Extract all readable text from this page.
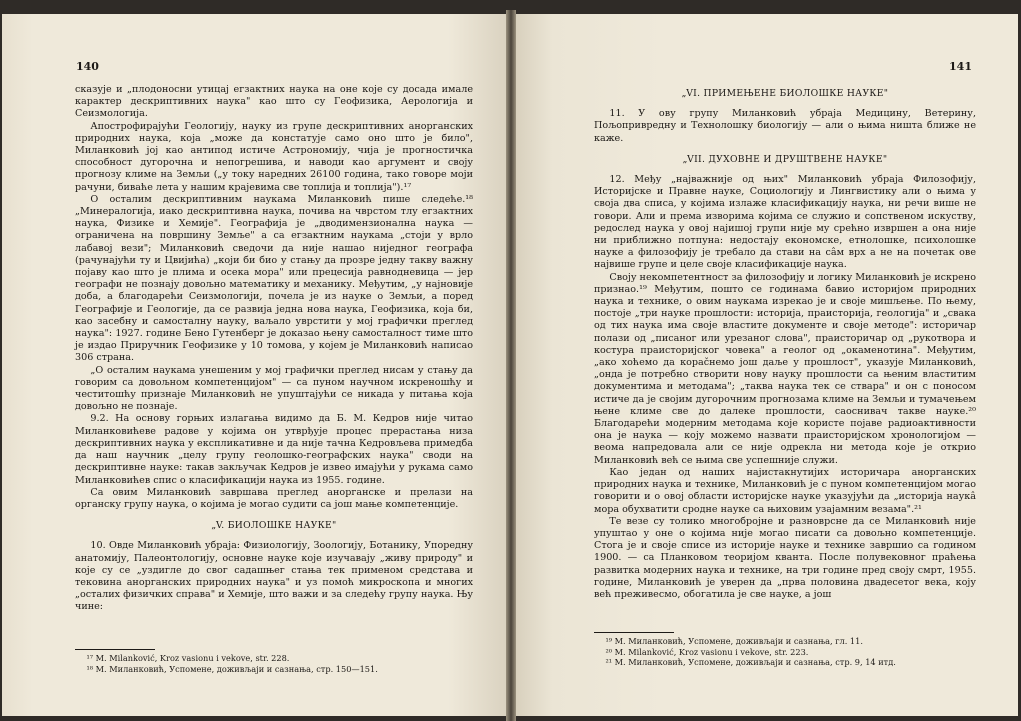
140

сказује и „плодоносни утицај егзактних наука на оне које су досада имале карактер дескриптивних наука" као што су Геофизика, Аерологија и Сеизмологија.

Апострофирајући Геологију, науку из групе дескриптивних анорганских природних наука, која „може да констатује само оно што је било", Миланковић јој као антипод истиче Астрономију, чија је прогностичка способност дугорочна и непогрешива, и наводи као аргумент и своју прогнозу климе на Земљи („у току наредних 26100 година, тако говоре моји рачуни, биваће лета у нашим крајевима све топлија и топлија").¹⁷

О осталим дескриптивним наукама Миланковић пише следеће.¹⁸ „Минералогија, иако дескриптивна наука, почива на чврстом тлу егзактних наука, Физике и Хемије". Географија је „дводимензионална наука — ограничена на површину Земље" а са егзактним наукама „стоји у врло лабавој вези"; Миланковић сведочи да није нашао ниједног географа (рачунајући ту и Цвијића) „који би био у стању да прозре једну такву важну појаву као што је плима и осека мора" или прецесија равнодневица — јер географи не познају довољно математику и механику. Међутим, „у најновије доба, а благодарећи Сеизмологији, почела је из науке о Земљи, а поред Географије и Геологије, да се развија једна нова наука, Геофизика, која би, као засебну и самосталну науку, ваљало уврстити у мој графички преглед наука": 1927. године Бено Гутенберг је доказао њену самосталност тиме што је издао Приручник Геофизике у 10 томова, у којем је Миланковић написао 306 страна.

„О осталим наукама унешеним у мој графички преглед нисам у стању да говорим са довољном компетенцијом" — са пуном научном искреношћу и честитошћу признаје Миланковић не упуштајући се никада у питања која довољно не познаје.

9.2. На основу горњих излагања видимо да Б. М. Кедров није читао Миланковићеве радове у којима он утврђује процес прерастања низа дескриптивних наука у експликативне и да није тачна Кедровљева примедба да наш научник „целу групу геолошко-географских наука" своди на дескриптивне науке: такав закључак Кедров је извео имајући у рукама само Миланковићев спис о класификацији наука из 1955. године.

Са овим Миланковић завршава преглед анорганске и прелази на органску групу наука, о којима је могао судити са још мање компетенције.

„V. БИОЛОШКЕ НАУКЕ"

10. Овде Миланковић убраја: Физиологију, Зоологију, Ботанику, Упоредну анатомију, Палеонтологију, основне науке које изучавају „живу природу" и које су се „уздигле до свог садашњег стања тек применом средстава и тековина анорганских природних наука" и уз помоћ микроскопа и многих „осталих физичких справа" и Хемије, што важи и за следећу групу наука. Њу чине:

¹⁷ M. Milanković, Kroz vasionu i vekove, str. 228.

¹⁸ М. Миланковић, Успомене, доживљаји и сазнања, стр. 150—151.

141

„VI. ПРИМЕЊЕНЕ БИОЛОШКЕ НАУКЕ"

11. У ову групу Миланковић убраја Медицину, Ветерину, Пољопривредну и Технолошку биологију — али о њима ништа ближе не каже.

„VII. ДУХОВНЕ И ДРУШТВЕНЕ НАУКЕ"

12. Међу „најважније од њих" Миланковић убраја Филозофију, Историјске и Правне науке, Социологију и Лингвистику али о њима у своја два списа, у којима излаже класификацију наука, ни речи више не говори. Али и према изворима којима се служио и сопственом искуству, редослед наука у овој најишој групи није му срећно извршен а она није ни приближно потпуна: недостају економске, етнолошке, психолошке науке а филозофију је требало да стави на сâм врх а не на почетак ове највише групе и целе своје класификације наука.

Своју некомпетентност за филозофију и логику Миланковић је искрено признао.¹⁹ Међутим, пошто се годинама бавио историјом природних наука и технике, о овим наукама изрекао је и своје мишљење. По њему, постоје „три науке прошлости: историја, праисторија, геологија" и „свака од тих наука има своје властите документе и своје методе": историчар полази од „писаног или урезаног слова", праисторичар од „рукотвора и костура праисторијског човека" а геолог од „окаменотина". Међутим, „ако хоћемо да кораčнемо још даље у прошлост", указује Миланковић, „онда је потребно створити нову науку прошлости са њеним властитим документима и методама"; „таква наука тек се ствара" и он с поносом истиче да је својим дугорочним прогнозама климе на Земљи и тумачењем њене климе све до далеке прошлости, саоснивач такве науке.²⁰ Благодарећи модерним методама које користе појаве радиоактивности она је наука — коју можемо назвати праисторијском хронологијом — веома напредовала али се није одрекла ни метода које је открио Миланковић већ се њима све успешније служи.

Као један од наших најистакнутијих историчара анорганских природних наука и технике, Миланковић је с пуном компетенцијом могао говорити и о овој области историјске науке указујући да „историја наукâ мора обухватити сродне науке са њиховим узајамним везама".²¹

Те везе су толико многобројне и разноврсне да се Миланковић није упуштао у оне о којима није могао писати са довољно компетенције. Стога је и своје списе из историје науке и технике завршио са годином 1900. — са Планковом теоријом кванта. После полувековног праћења развитка модерних наука и технике, на три године пред своју смрт, 1955. године, Миланковић је уверен да „прва половина двадесетог века, коју већ преживесмо, обогатила је све науке, а још

¹⁹ М. Миланковић, Успомене, доживљаји и сазнања, гл. 11.

²⁰ M. Milanković, Kroz vasionu i vekove, str. 223.

²¹ М. Миланковић, Успомене, доживљаји и сазнања, стр. 9, 14 итд.
